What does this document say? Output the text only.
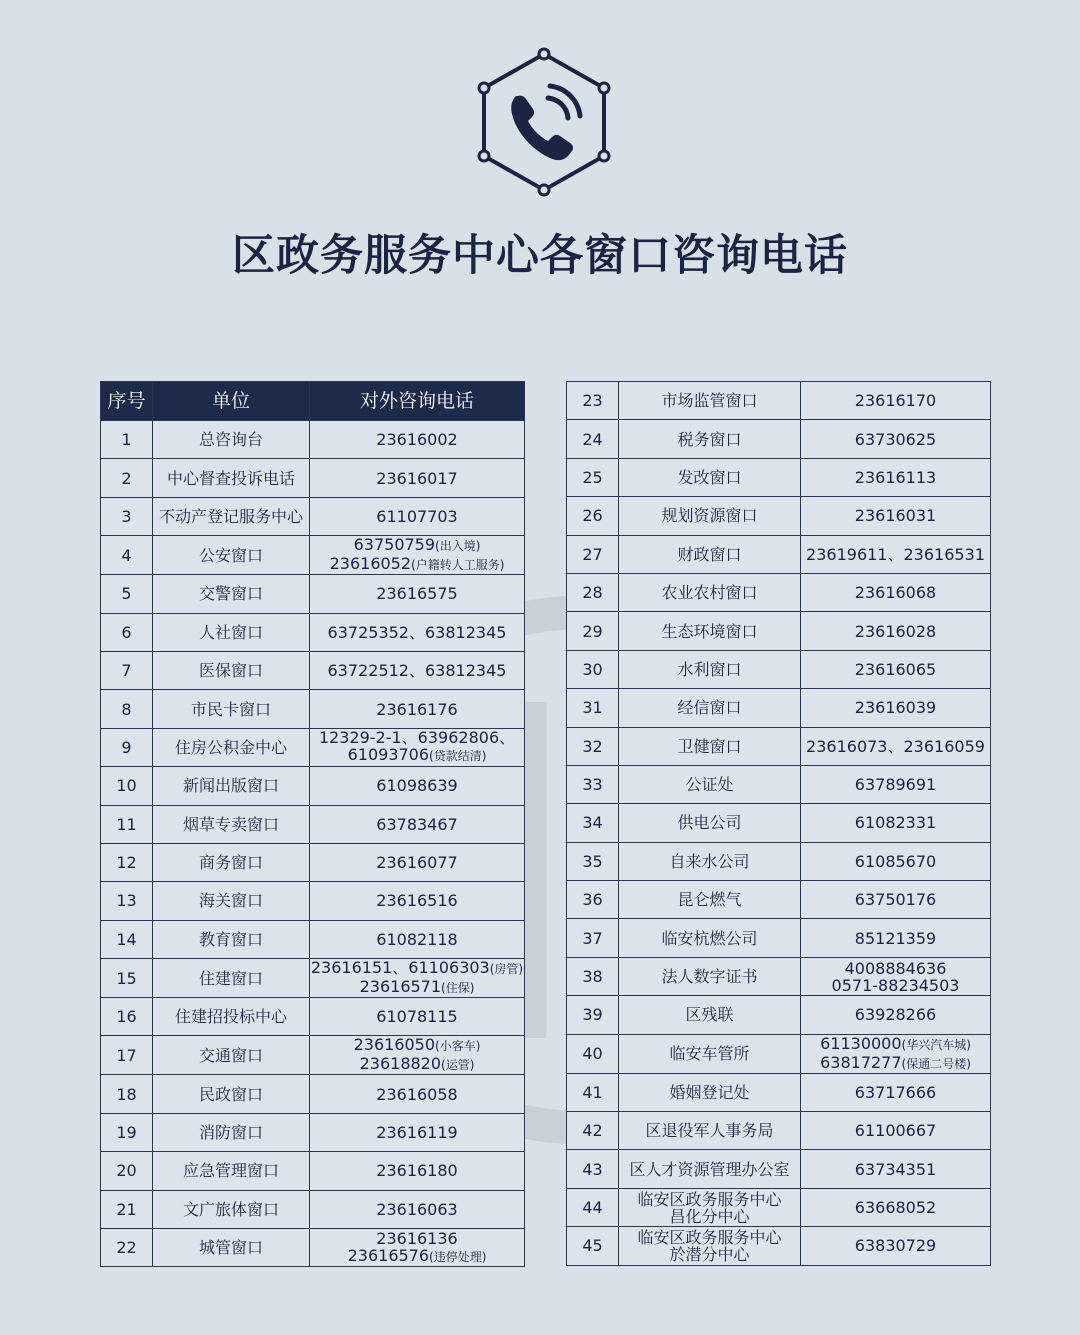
区政务服务中心各窗口咨询电话
序号	单位	对外咨询电话
1	总咨询台	23616002

2	中心督查投诉电话	23616017

3	不动产登记服务中心	61107703

4	公安窗口	63750759(出入境)
23616052(户籍转人工服务)

5	交警窗口	23616575

6	人社窗口	63725352、63812345

7	医保窗口	63722512、63812345

8	市民卡窗口	23616176

9	住房公积金中心	12329-2-1、63962806、
61093706(贷款结清)

10	新闻出版窗口	61098639

11	烟草专卖窗口	63783467

12	商务窗口	23616077

13	海关窗口	23616516

14	教育窗口	61082118

15	住建窗口	23616151、61106303(房管)
23616571(住保)

16	住建招投标中心	61078115

17	交通窗口	23616050(小客车)
23618820(运管)

18	民政窗口	23616058

19	消防窗口	23616119

20	应急管理窗口	23616180

21	文广旅体窗口	23616063

22	城管窗口	23616136
23616576(违停处理)
23	市场监管窗口	23616170

24	税务窗口	63730625

25	发改窗口	23616113

26	规划资源窗口	23616031

27	财政窗口	23619611、23616531

28	农业农村窗口	23616068

29	生态环境窗口	23616028

30	水利窗口	23616065

31	经信窗口	23616039

32	卫健窗口	23616073、23616059

33	公证处	63789691

34	供电公司	61082331

35	自来水公司	61085670

36	昆仑燃气	63750176

37	临安杭燃公司	85121359

38	法人数字证书	4008884636
0571-88234503

39	区残联	63928266

40	临安车管所	61130000(华兴汽车城)
63817277(保通二号楼)

41	婚姻登记处	63717666

42	区退役军人事务局	61100667

43	区人才资源管理办公室	63734351

44	临安区政务服务中心
昌化分中心	63668052

45	临安区政务服务中心
於潜分中心	63830729
